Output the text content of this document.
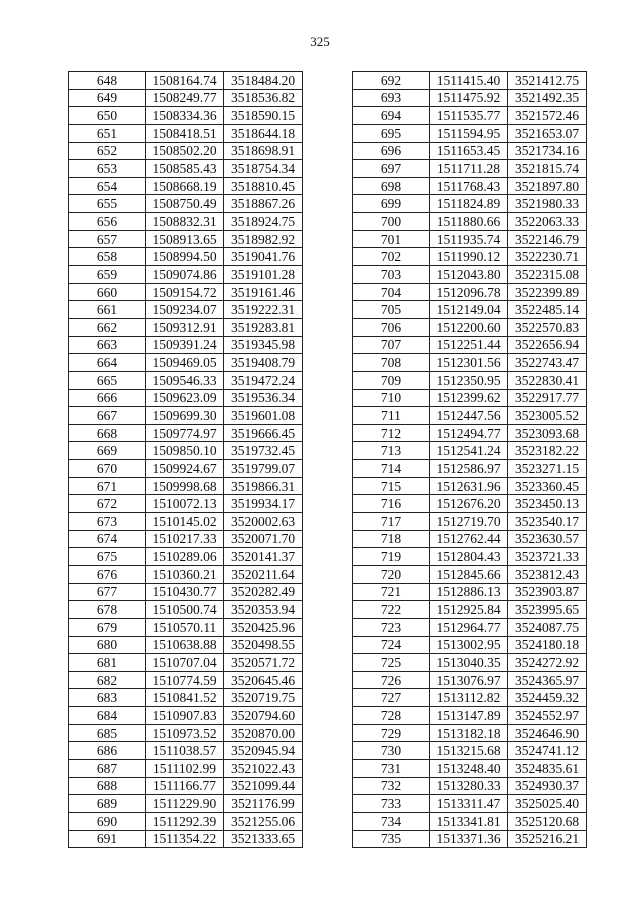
325
648	1508164.74	3518484.20
649	1508249.77	3518536.82
650	1508334.36	3518590.15
651	1508418.51	3518644.18
652	1508502.20	3518698.91
653	1508585.43	3518754.34
654	1508668.19	3518810.45
655	1508750.49	3518867.26
656	1508832.31	3518924.75
657	1508913.65	3518982.92
658	1508994.50	3519041.76
659	1509074.86	3519101.28
660	1509154.72	3519161.46
661	1509234.07	3519222.31
662	1509312.91	3519283.81
663	1509391.24	3519345.98
664	1509469.05	3519408.79
665	1509546.33	3519472.24
666	1509623.09	3519536.34
667	1509699.30	3519601.08
668	1509774.97	3519666.45
669	1509850.10	3519732.45
670	1509924.67	3519799.07
671	1509998.68	3519866.31
672	1510072.13	3519934.17
673	1510145.02	3520002.63
674	1510217.33	3520071.70
675	1510289.06	3520141.37
676	1510360.21	3520211.64
677	1510430.77	3520282.49
678	1510500.74	3520353.94
679	1510570.11	3520425.96
680	1510638.88	3520498.55
681	1510707.04	3520571.72
682	1510774.59	3520645.46
683	1510841.52	3520719.75
684	1510907.83	3520794.60
685	1510973.52	3520870.00
686	1511038.57	3520945.94
687	1511102.99	3521022.43
688	1511166.77	3521099.44
689	1511229.90	3521176.99
690	1511292.39	3521255.06
691	1511354.22	3521333.65
692	1511415.40	3521412.75
693	1511475.92	3521492.35
694	1511535.77	3521572.46
695	1511594.95	3521653.07
696	1511653.45	3521734.16
697	1511711.28	3521815.74
698	1511768.43	3521897.80
699	1511824.89	3521980.33
700	1511880.66	3522063.33
701	1511935.74	3522146.79
702	1511990.12	3522230.71
703	1512043.80	3522315.08
704	1512096.78	3522399.89
705	1512149.04	3522485.14
706	1512200.60	3522570.83
707	1512251.44	3522656.94
708	1512301.56	3522743.47
709	1512350.95	3522830.41
710	1512399.62	3522917.77
711	1512447.56	3523005.52
712	1512494.77	3523093.68
713	1512541.24	3523182.22
714	1512586.97	3523271.15
715	1512631.96	3523360.45
716	1512676.20	3523450.13
717	1512719.70	3523540.17
718	1512762.44	3523630.57
719	1512804.43	3523721.33
720	1512845.66	3523812.43
721	1512886.13	3523903.87
722	1512925.84	3523995.65
723	1512964.77	3524087.75
724	1513002.95	3524180.18
725	1513040.35	3524272.92
726	1513076.97	3524365.97
727	1513112.82	3524459.32
728	1513147.89	3524552.97
729	1513182.18	3524646.90
730	1513215.68	3524741.12
731	1513248.40	3524835.61
732	1513280.33	3524930.37
733	1513311.47	3525025.40
734	1513341.81	3525120.68
735	1513371.36	3525216.21
